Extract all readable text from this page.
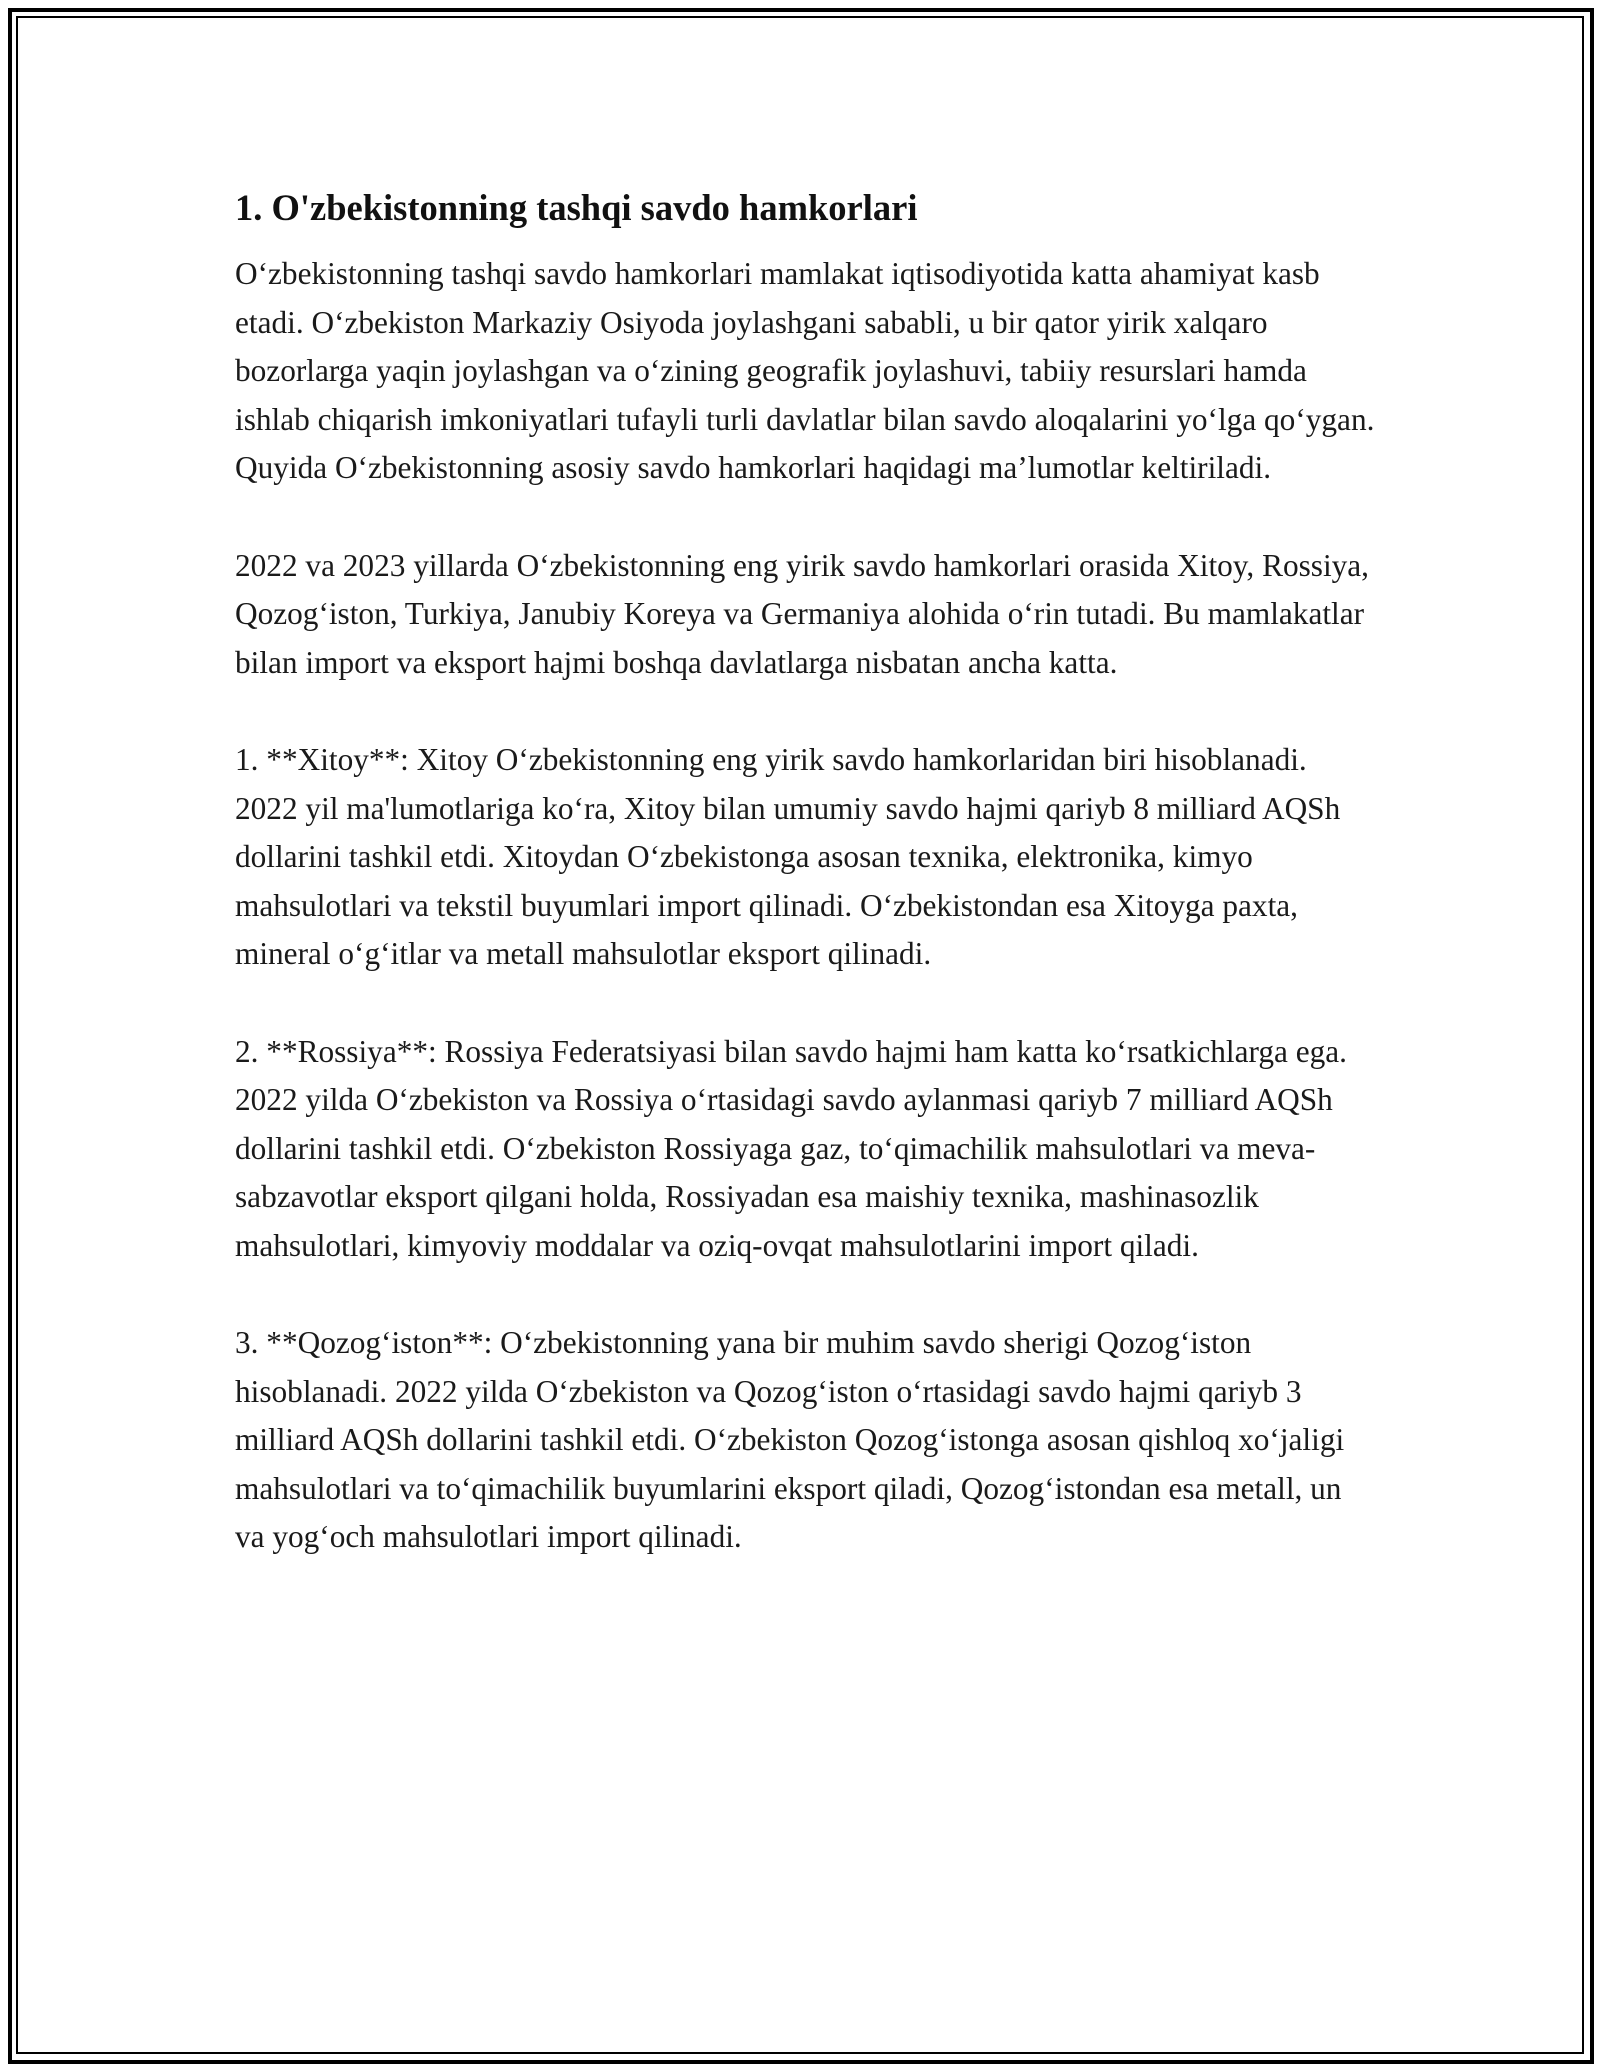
1. O'zbekistonning tashqi savdo hamkorlari

O‘zbekistonning tashqi savdo hamkorlari mamlakat iqtisodiyotida katta ahamiyat kasb etadi. O‘zbekiston Markaziy Osiyoda joylashgani sababli, u bir qator yirik xalqaro bozorlarga yaqin joylashgan va o‘zining geografik joylashuvi, tabiiy resurslari hamda ishlab chiqarish imkoniyatlari tufayli turli davlatlar bilan savdo aloqalarini yo‘lga qo‘ygan. Quyida O‘zbekistonning asosiy savdo hamkorlari haqidagi ma’lumotlar keltiriladi.

2022 va 2023 yillarda O‘zbekistonning eng yirik savdo hamkorlari orasida Xitoy, Rossiya, Qozog‘iston, Turkiya, Janubiy Koreya va Germaniya alohida o‘rin tutadi. Bu mamlakatlar bilan import va eksport hajmi boshqa davlatlarga nisbatan ancha katta.

1. **Xitoy**: Xitoy O‘zbekistonning eng yirik savdo hamkorlaridan biri hisoblanadi. 2022 yil ma'lumotlariga ko‘ra, Xitoy bilan umumiy savdo hajmi qariyb 8 milliard AQSh dollarini tashkil etdi. Xitoydan O‘zbekistonga asosan texnika, elektronika, kimyo mahsulotlari va tekstil buyumlari import qilinadi. O‘zbekistondan esa Xitoyga paxta, mineral o‘g‘itlar va metall mahsulotlar eksport qilinadi.

2. **Rossiya**: Rossiya Federatsiyasi bilan savdo hajmi ham katta ko‘rsatkichlarga ega. 2022 yilda O‘zbekiston va Rossiya o‘rtasidagi savdo aylanmasi qariyb 7 milliard AQSh dollarini tashkil etdi. O‘zbekiston Rossiyaga gaz, to‘qimachilik mahsulotlari va meva-sabzavotlar eksport qilgani holda, Rossiyadan esa maishiy texnika, mashinasozlik mahsulotlari, kimyoviy moddalar va oziq-ovqat mahsulotlarini import qiladi.

3. **Qozog‘iston**: O‘zbekistonning yana bir muhim savdo sherigi Qozog‘iston hisoblanadi. 2022 yilda O‘zbekiston va Qozog‘iston o‘rtasidagi savdo hajmi qariyb 3 milliard AQSh dollarini tashkil etdi. O‘zbekiston Qozog‘istonga asosan qishloq xo‘jaligi mahsulotlari va to‘qimachilik buyumlarini eksport qiladi, Qozog‘istondan esa metall, un va yog‘och mahsulotlari import qilinadi.
